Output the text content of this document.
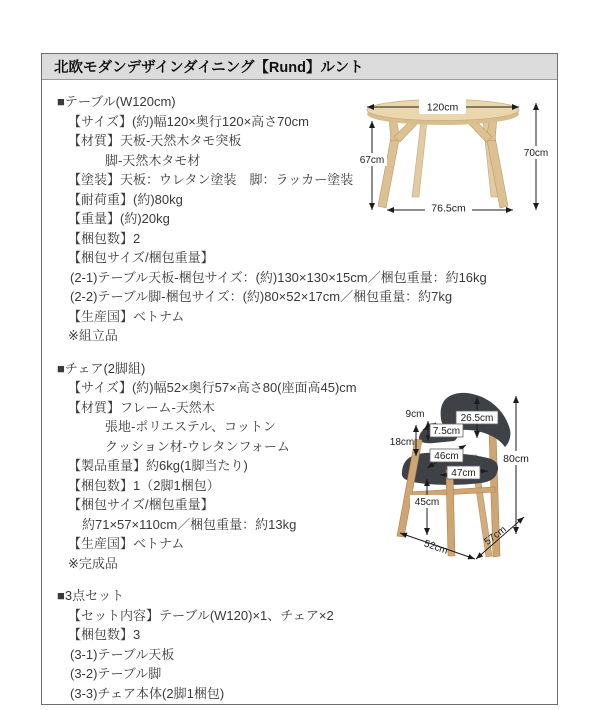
北欧モダンデザインダイニング【Rund】ルント
■テーブル(W120cm)
【サイズ】(約)幅120×奥行120×高さ70cm
【材質】天板-天然木タモ突板
脚-天然木タモ材
【塗装】天板：ウレタン塗装　脚：ラッカー塗装
【耐荷重】(約)80kg
【重量】(約)20kg
【梱包数】2
【梱包サイズ/梱包重量】
(2-1)テーブル天板-梱包サイズ：(約)130×130×15cm／梱包重量：約16kg
(2-2)テーブル脚-梱包サイズ：(約)80×52×17cm／梱包重量：約7kg
【生産国】ベトナム
※組立品
■チェア(2脚組)
【サイズ】(約)幅52×奥行57×高さ80(座面高45)cm
【材質】フレーム-天然木
張地-ポリエステル、コットン
クッション材-ウレタンフォーム
【製品重量】約6kg(1脚当たり)
【梱包数】1（2脚1梱包）
【梱包サイズ/梱包重量】
約71×57×110cm／梱包重量：約13kg
【生産国】ベトナム
※完成品
■3点セット
【セット内容】テーブル(W120)×1、チェア×2
【梱包数】3
(3-1)テーブル天板
(3-2)テーブル脚
(3-3)チェア本体(2脚1梱包)
120cm
67cm
70cm
76.5cm
26.5cm
9cm
7.5cm
18cm
46cm
47cm
45cm
80cm
52cm	57cm
